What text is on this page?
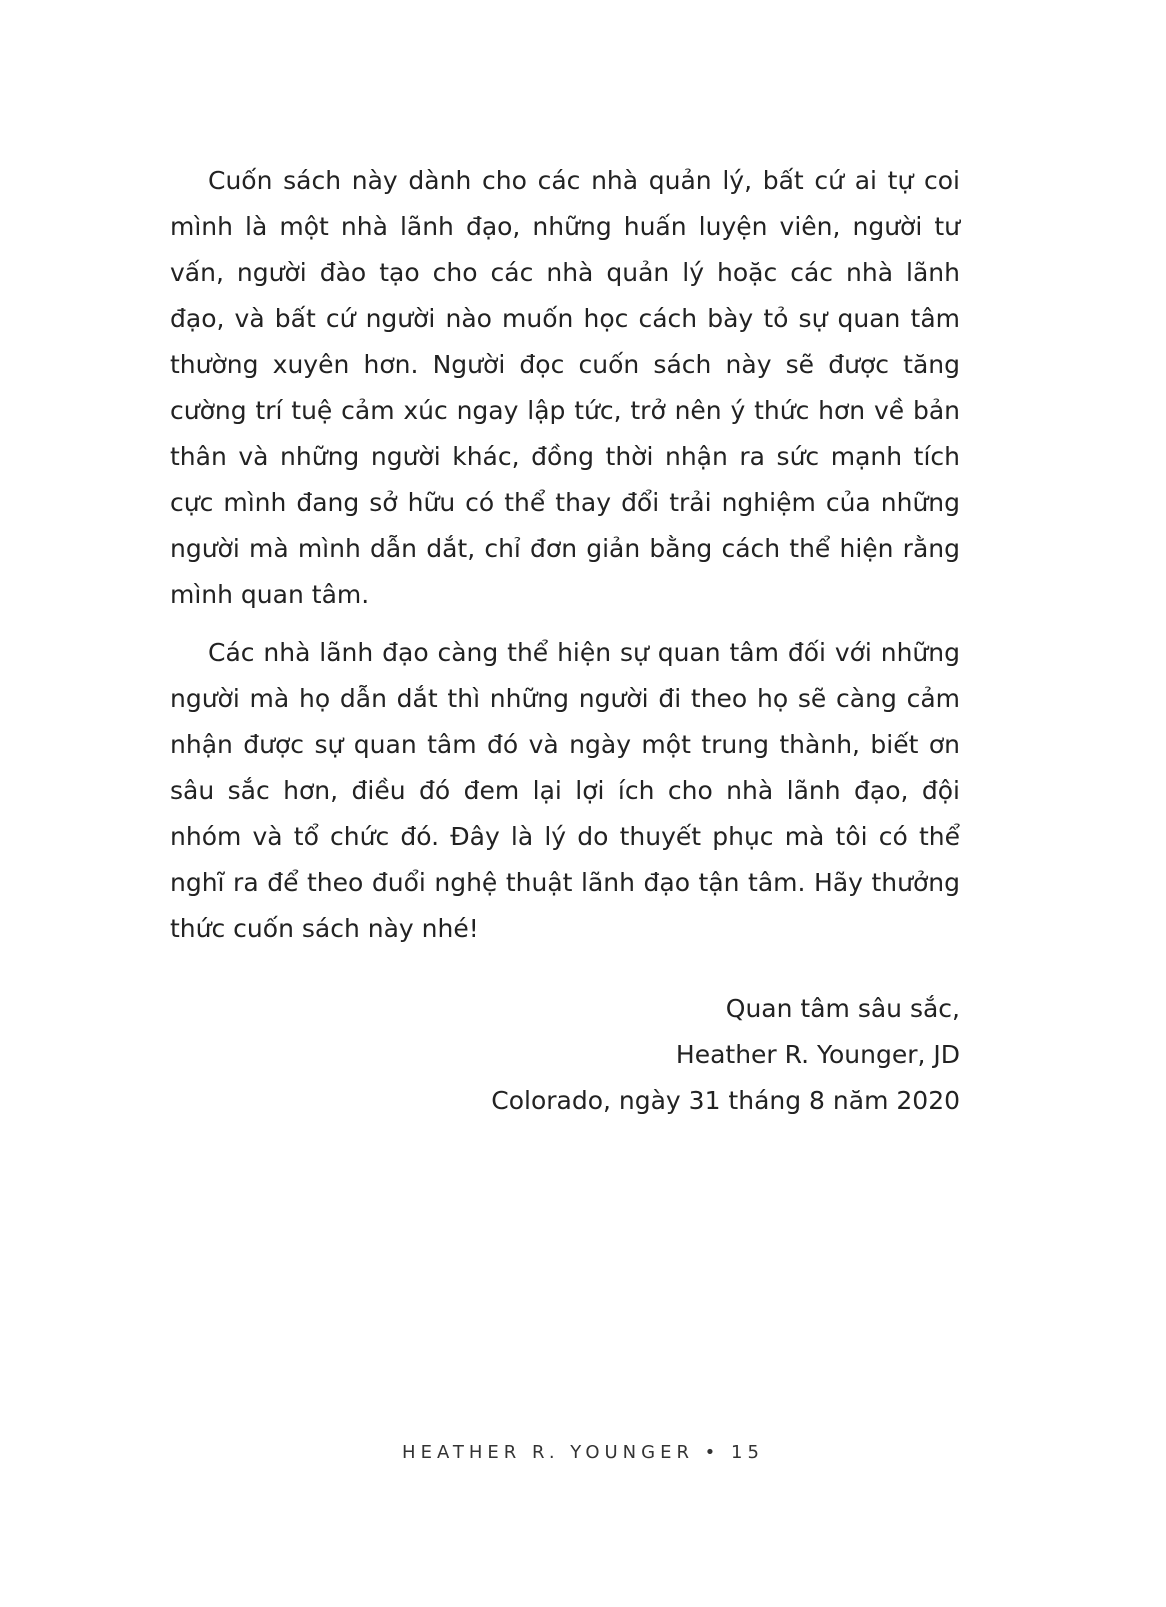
Cuốn sách này dành cho các nhà quản lý, bất cứ ai tự coi mình là một nhà lãnh đạo, những huấn luyện viên, người tư vấn, người đào tạo cho các nhà quản lý hoặc các nhà lãnh đạo, và bất cứ người nào muốn học cách bày tỏ sự quan tâm thường xuyên hơn. Người đọc cuốn sách này sẽ được tăng cường trí tuệ cảm xúc ngay lập tức, trở nên ý thức hơn về bản thân và những người khác, đồng thời nhận ra sức mạnh tích cực mình đang sở hữu có thể thay đổi trải nghiệm của những người mà mình dẫn dắt, chỉ đơn giản bằng cách thể hiện rằng mình quan tâm.

Các nhà lãnh đạo càng thể hiện sự quan tâm đối với những người mà họ dẫn dắt thì những người đi theo họ sẽ càng cảm nhận được sự quan tâm đó và ngày một trung thành, biết ơn sâu sắc hơn, điều đó đem lại lợi ích cho nhà lãnh đạo, đội nhóm và tổ chức đó. Đây là lý do thuyết phục mà tôi có thể nghĩ ra để theo đuổi nghệ thuật lãnh đạo tận tâm. Hãy thưởng thức cuốn sách này nhé!

Quan tâm sâu sắc,
Heather R. Younger, JD
Colorado, ngày 31 tháng 8 năm 2020
HEATHER R. YOUNGER • 15
